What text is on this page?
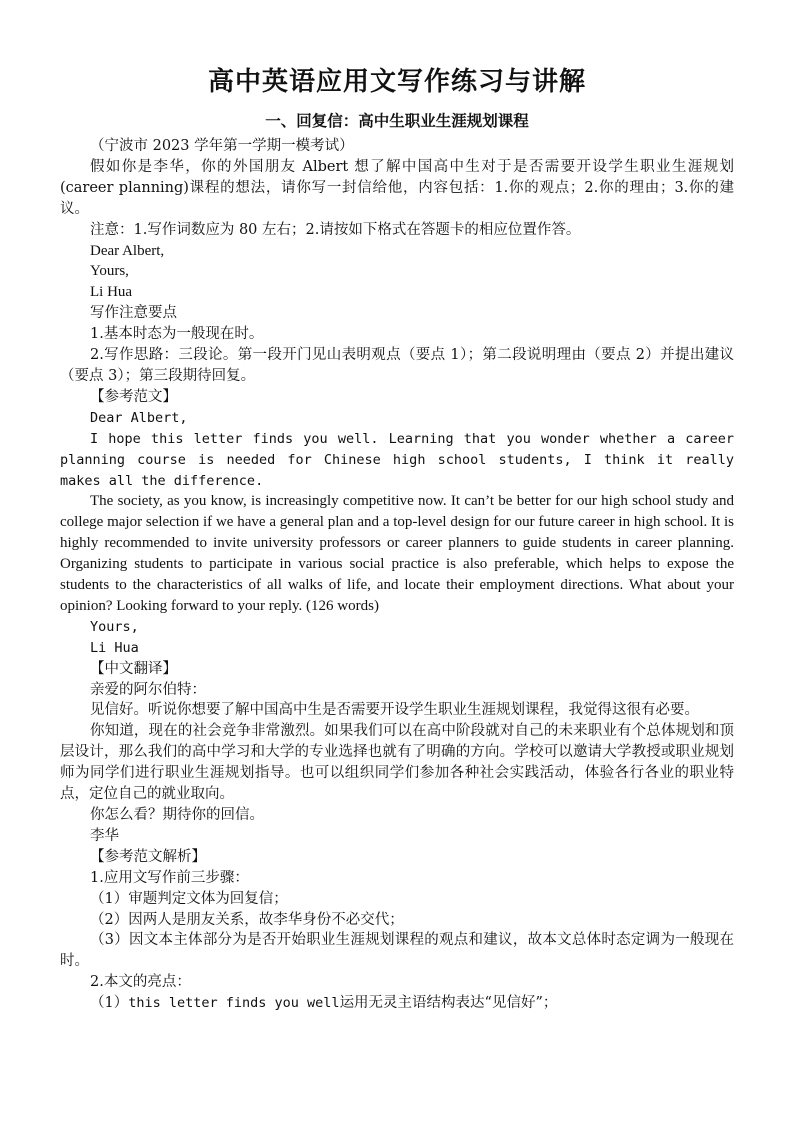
高中英语应用文写作练习与讲解
一、回复信：高中生职业生涯规划课程

（宁波市 2023 学年第一学期一模考试）

假如你是李华，你的外国朋友 Albert 想了解中国高中生对于是否需要开设学生职业生涯规划(career planning)课程的想法，请你写一封信给他，内容包括：1.你的观点；2.你的理由；3.你的建议。

注意：1.写作词数应为 80 左右；2.请按如下格式在答题卡的相应位置作答。

Dear Albert,

Yours,

Li Hua

写作注意要点

1.基本时态为一般现在时。

2.写作思路：三段论。第一段开门见山表明观点（要点 1）；第二段说明理由（要点 2）并提出建议（要点 3）；第三段期待回复。

【参考范文】

Dear Albert,

I hope this letter finds you well. Learning that you wonder whether a career planning course is needed for Chinese high school students, I think it really makes all the difference.

The society, as you know, is increasingly competitive now. It can’t be better for our high school study and college major selection if we have a general plan and a top-level design for our future career in high school. It is highly recommended to invite university professors or career planners to guide students in career planning. Organizing students to participate in various social practice is also preferable, which helps to expose the students to the characteristics of all walks of life, and locate their employment directions. What about your opinion? Looking forward to your reply. (126 words)

Yours,

Li Hua

【中文翻译】

亲爱的阿尔伯特：

见信好。听说你想要了解中国高中生是否需要开设学生职业生涯规划课程，我觉得这很有必要。

你知道，现在的社会竞争非常激烈。如果我们可以在高中阶段就对自己的未来职业有个总体规划和顶层设计，那么我们的高中学习和大学的专业选择也就有了明确的方向。学校可以邀请大学教授或职业规划师为同学们进行职业生涯规划指导。也可以组织同学们参加各种社会实践活动，体验各行各业的职业特点，定位自己的就业取向。

你怎么看？期待你的回信。

李华

【参考范文解析】

1.应用文写作前三步骤：

（1）审题判定文体为回复信；

（2）因两人是朋友关系，故李华身份不必交代；

（3）因文本主体部分为是否开始职业生涯规划课程的观点和建议，故本文总体时态定调为一般现在时。

2.本文的亮点：

（1）this letter finds you well运用无灵主语结构表达“见信好”；
